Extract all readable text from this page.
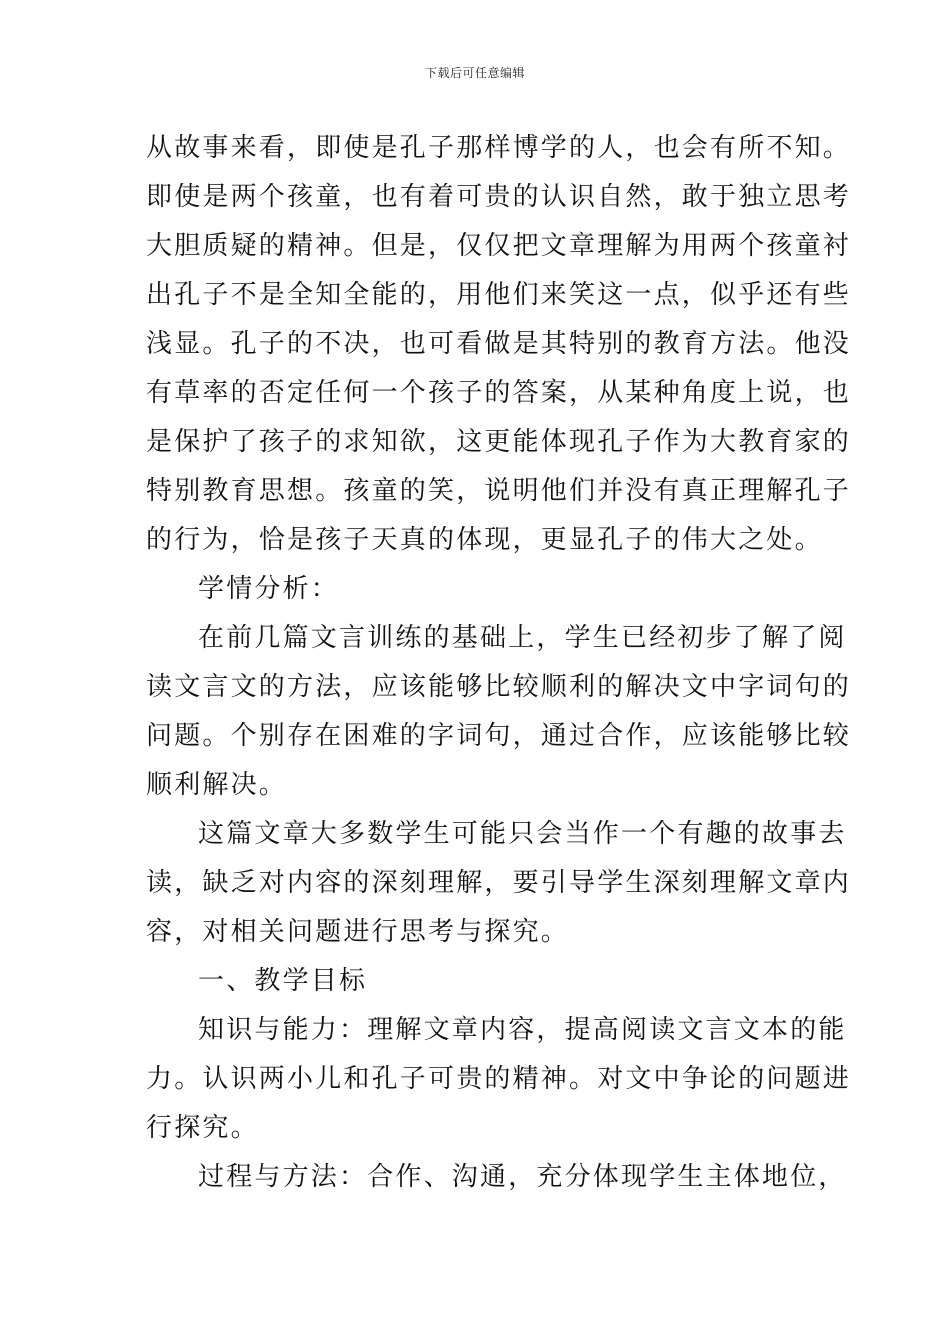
下载后可任意编辑
从故事来看，即使是孔子那样博学的人，也会有所不知。
即使是两个孩童，也有着可贵的认识自然，敢于独立思考
大胆质疑的精神。但是，仅仅把文章理解为用两个孩童衬
出孔子不是全知全能的，用他们来笑这一点，似乎还有些
浅显。孔子的不决，也可看做是其特别的教育方法。他没
有草率的否定任何一个孩子的答案，从某种角度上说，也
是保护了孩子的求知欲，这更能体现孔子作为大教育家的
特别教育思想。孩童的笑，说明他们并没有真正理解孔子
的行为，恰是孩子天真的体现，更显孔子的伟大之处。
学情分析：
在前几篇文言训练的基础上，学生已经初步了解了阅
读文言文的方法，应该能够比较顺利的解决文中字词句的
问题。个别存在困难的字词句，通过合作，应该能够比较
顺利解决。
这篇文章大多数学生可能只会当作一个有趣的故事去
读，缺乏对内容的深刻理解，要引导学生深刻理解文章内
容，对相关问题进行思考与探究。
一、教学目标
知识与能力：理解文章内容，提高阅读文言文本的能
力。认识两小儿和孔子可贵的精神。对文中争论的问题进
行探究。
过程与方法：合作、沟通，充分体现学生主体地位，
